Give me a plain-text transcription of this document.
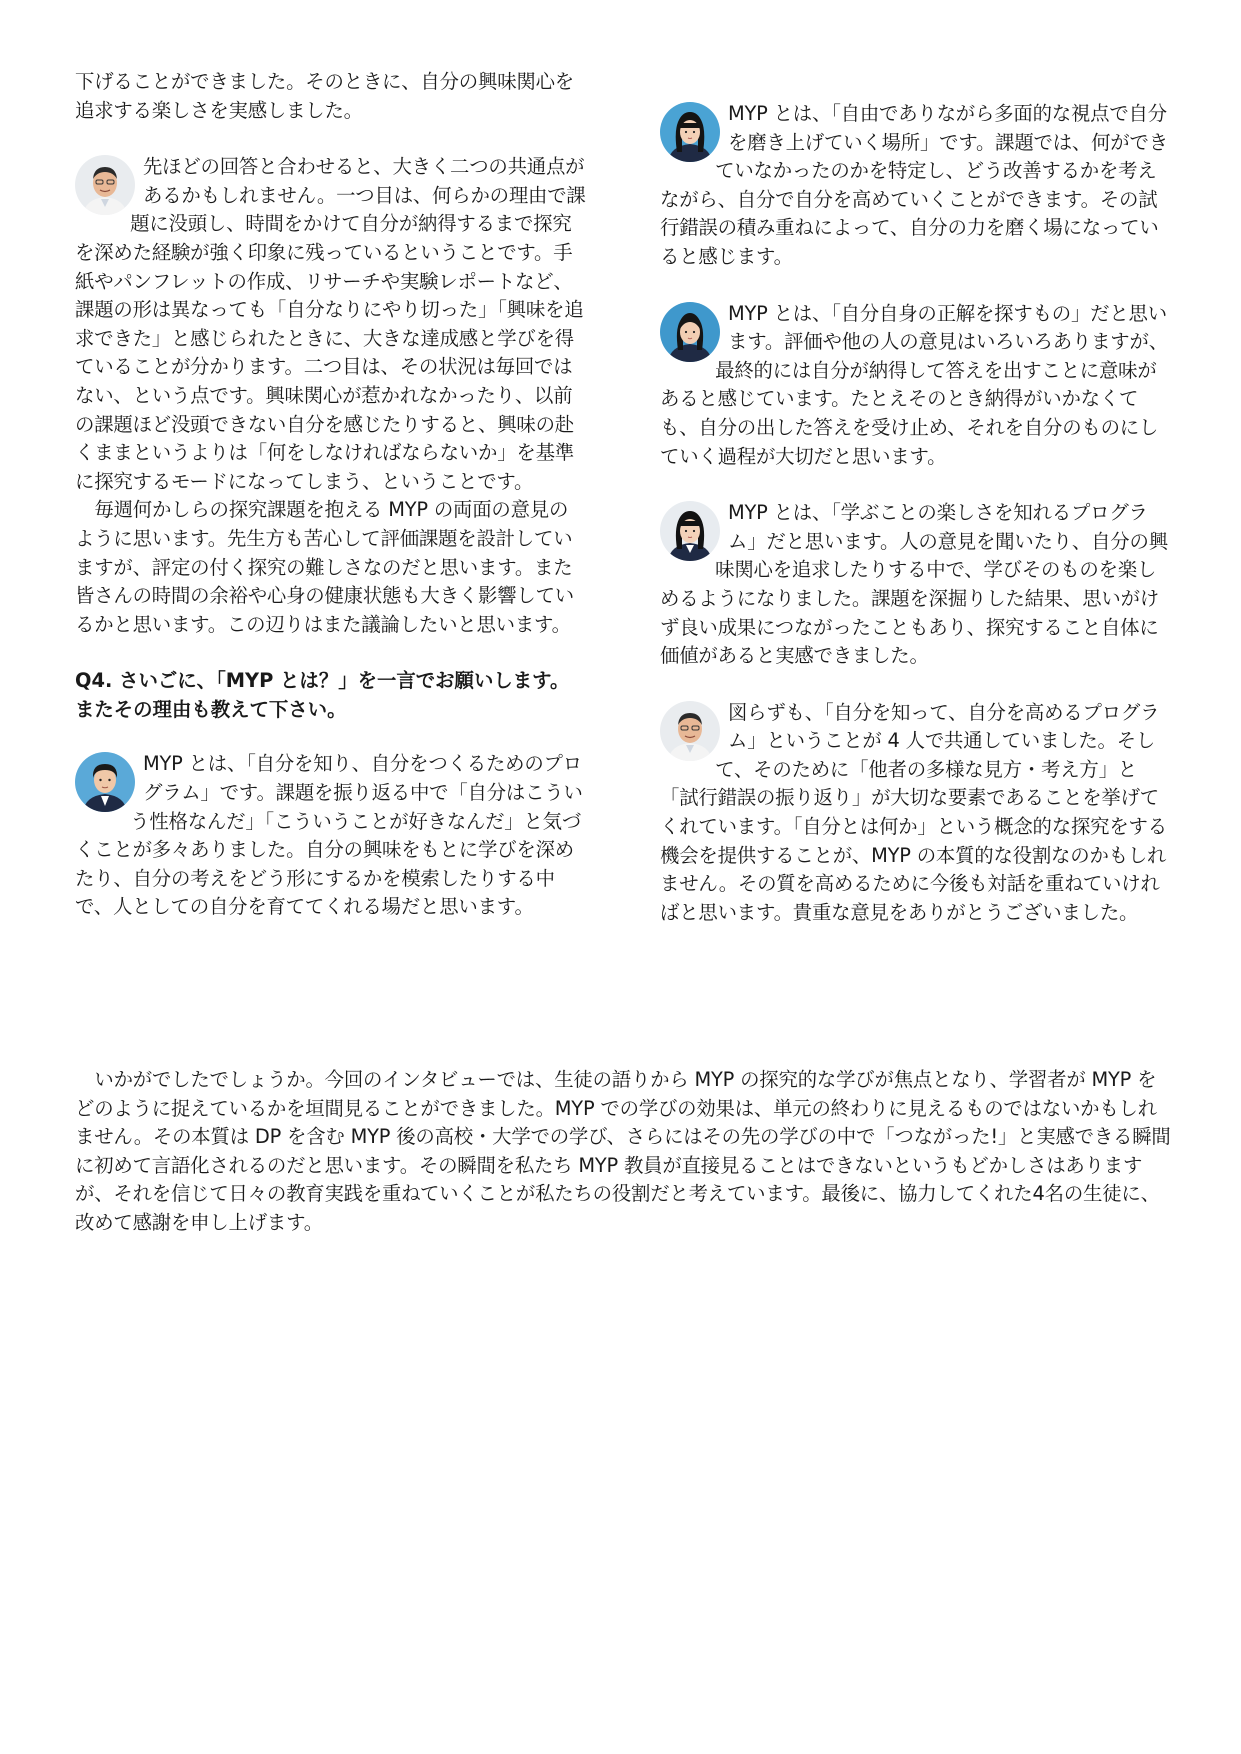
下げることができました。そのときに、自分の興味関心を追求する楽しさを実感しました。

先ほどの回答と合わせると、大きく二つの共通点があるかもしれません。一つ目は、何らかの理由で課題に没頭し、時間をかけて自分が納得するまで探究を深めた経験が強く印象に残っているということです。手紙やパンフレットの作成、リサーチや実験レポートなど、課題の形は異なっても「自分なりにやり切った」「興味を追求できた」と感じられたときに、大きな達成感と学びを得ていることが分かります。二つ目は、その状況は毎回ではない、という点です。興味関心が惹かれなかったり、以前の課題ほど没頭できない自分を感じたりすると、興味の赴くままというよりは「何をしなければならないか」を基準に探究するモードになってしまう、ということです。

毎週何かしらの探究課題を抱える MYP の両面の意見のように思います。先生方も苦心して評価課題を設計していますが、評定の付く探究の難しさなのだと思います。また皆さんの時間の余裕や心身の健康状態も大きく影響しているかと思います。この辺りはまた議論したいと思います。

Q4. さいごに、「MYP とは？」を一言でお願いします。またその理由も教えて下さい。

MYP とは、「自分を知り、自分をつくるためのプログラム」です。課題を振り返る中で「自分はこういう性格なんだ」「こういうことが好きなんだ」と気づくことが多々ありました。自分の興味をもとに学びを深めたり、自分の考えをどう形にするかを模索したりする中で、人としての自分を育ててくれる場だと思います。

MYP とは、「自由でありながら多面的な視点で自分を磨き上げていく場所」です。課題では、何ができていなかったのかを特定し、どう改善するかを考えながら、自分で自分を高めていくことができます。その試行錯誤の積み重ねによって、自分の力を磨く場になっていると感じます。

MYP とは、「自分自身の正解を探すもの」だと思います。評価や他の人の意見はいろいろありますが、最終的には自分が納得して答えを出すことに意味があると感じています。たとえそのとき納得がいかなくても、自分の出した答えを受け止め、それを自分のものにしていく過程が大切だと思います。

MYP とは、「学ぶことの楽しさを知れるプログラム」だと思います。人の意見を聞いたり、自分の興味関心を追求したりする中で、学びそのものを楽しめるようになりました。課題を深掘りした結果、思いがけず良い成果につながったこともあり、探究すること自体に価値があると実感できました。

図らずも、「自分を知って、自分を高めるプログラム」ということが 4 人で共通していました。そして、そのために「他者の多様な見方・考え方」と「試行錯誤の振り返り」が大切な要素であることを挙げてくれています。「自分とは何か」という概念的な探究をする機会を提供することが、MYP の本質的な役割なのかもしれません。その質を高めるために今後も対話を重ねていければと思います。貴重な意見をありがとうございました。

いかがでしたでしょうか。今回のインタビューでは、生徒の語りから MYP の探究的な学びが焦点となり、学習者が MYP をどのように捉えているかを垣間見ることができました。MYP での学びの効果は、単元の終わりに見えるものではないかもしれません。その本質は DP を含む MYP 後の高校・大学での学び、さらにはその先の学びの中で「つながった!」と実感できる瞬間に初めて言語化されるのだと思います。その瞬間を私たち MYP 教員が直接見ることはできないというもどかしさはありますが、それを信じて日々の教育実践を重ねていくことが私たちの役割だと考えています。最後に、協力してくれた4名の生徒に、改めて感謝を申し上げます。
